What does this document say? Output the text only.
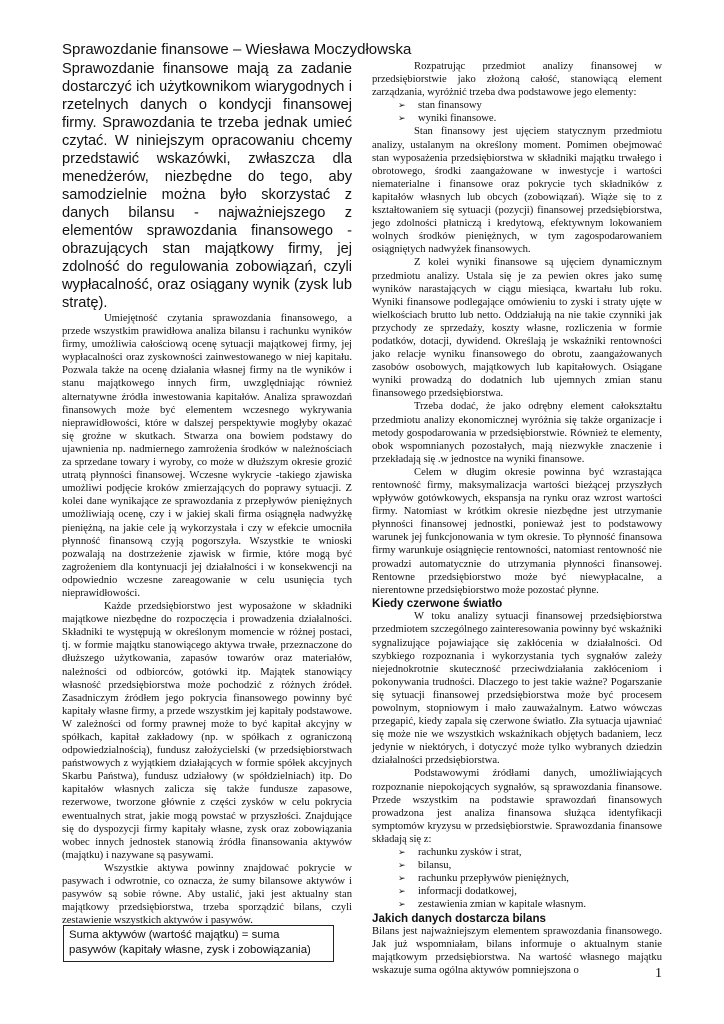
Sprawozdanie finansowe – Wiesława Moczydłowska

Sprawozdanie finansowe mają za zadanie dostarczyć ich użytkownikom wiarygodnych i rzetelnych danych o kondycji finansowej firmy. Sprawozdania te trzeba jednak umieć czytać. W niniejszym opracowaniu chcemy przedstawić wskazówki, zwłaszcza dla menedżerów, niezbędne do tego, aby samodzielnie można było skorzystać z danych bilansu - najważniejszego z elementów sprawozdania finansowego - obrazujących stan majątkowy firmy, jej zdolność do regulowania zobowiązań, czyli wypłacalność, oraz osiągany wynik (zysk lub stratę).

Umiejętność czytania sprawozdania finansowego, a przede wszystkim prawidłowa analiza bilansu i rachunku wyników firmy, umożliwia całościową ocenę sytuacji majątkowej firmy, jej wypłacalności oraz zyskowności zainwestowanego w niej kapitału. Pozwala także na ocenę działania własnej firmy na tle wyników i stanu majątkowego innych firm, uwzględniając również alternatywne źródła inwestowania kapitałów. Analiza sprawozdań finansowych może być elementem wczesnego wykrywania nieprawidłowości, które w dalszej perspektywie mogłyby okazać się groźne w skutkach. Stwarza ona bowiem podstawy do ujawnienia np. nadmiernego zamrożenia środków w należnościach za sprzedane towary i wyroby, co może w dłuższym okresie grozić utratą płynności finansowej. Wczesne wykrycie -takiego zjawiska umożliwi podjęcie kroków zmierzających do poprawy sytuacji. Z kolei dane wynikające ze sprawozdania z przepływów pieniężnych umożliwiają ocenę, czy i w jakiej skali firma osiągnęła nadwyżkę pieniężną, na jakie cele ją wykorzystała i czy w efekcie umocniła płynność finansową czyją pogorszyła. Wszystkie te wnioski pozwalają na dostrzeżenie zjawisk w firmie, które mogą być zagrożeniem dla kontynuacji jej działalności i w konsekwencji na odpowiednio wczesne zareagowanie w celu usunięcia tych nieprawidłowości.

Każde przedsiębiorstwo jest wyposażone w składniki majątkowe niezbędne do rozpoczęcia i prowadzenia działalności. Składniki te występują w określonym momencie w różnej postaci, tj. w formie majątku stanowiącego aktywa trwałe, przeznaczone do dłuższego użytkowania, zapasów towarów oraz materiałów, należności od odbiorców, gotówki itp. Majątek stanowiący własność przedsiębiorstwa może pochodzić z różnych źródeł. Zasadniczym źródłem jego pokrycia finansowego powinny być kapitały własne firmy, a przede wszystkim jej kapitały podstawowe. W zależności od formy prawnej może to być kapitał akcyjny w spółkach, kapitał zakładowy (np. w spółkach z ograniczoną odpowiedzialnością), fundusz założycielski (w przedsiębiorstwach państwowych z wyjątkiem działających w formie spółek akcyjnych Skarbu Państwa), fundusz udziałowy (w spółdzielniach) itp. Do kapitałów własnych zalicza się także fundusze zapasowe, rezerwowe, tworzone głównie z części zysków w celu pokrycia ewentualnych strat, jakie mogą powstać w przyszłości. Znajdujące się do dyspozycji firmy kapitały własne, zysk oraz zobowiązania wobec innych jednostek stanowią źródła finansowania aktywów (majątku) i nazywane są pasywami.

Wszystkie aktywa powinny znajdować pokrycie w pasywach i odwrotnie, co oznacza, że sumy bilansowe aktywów i pasywów są sobie równe. Aby ustalić, jaki jest aktualny stan majątkowy przedsiębiorstwa, trzeba sporządzić bilans, czyli zestawienie wszystkich aktywów i pasywów.

Suma aktywów (wartość majątku) = suma
pasywów (kapitały własne, zysk i zobowiązania)

Rozpatrując przedmiot analizy finansowej w przedsiębiorstwie jako złożoną całość, stanowiącą element zarządzania, wyróżnić trzeba dwa podstawowe jego elementy:

➢ stan finansowy
➢ wyniki finansowe.

Stan finansowy jest ujęciem statycznym przedmiotu analizy, ustalanym na określony moment. Pomimen obejmować stan wyposażenia przedsiębiorstwa w składniki majątku trwałego i obrotowego, środki zaangażowane w inwestycje i wartości niematerialne i finansowe oraz pokrycie tych składników z kapitałów własnych lub obcych (zobowiązań). Wiąże się to z kształtowaniem się sytuacji (pozycji) finansowej przedsiębiorstwa, jego zdolności płatniczą i kredytową, efektywnym lokowaniem wolnych środków pieniężnych, w tym zagospodarowaniem osiągniętych nadwyżek finansowych.

Z kolei wyniki finansowe są ujęciem dynamicznym przedmiotu analizy. Ustala się je za pewien okres jako sumę wyników narastających w ciągu miesiąca, kwartału lub roku. Wyniki finansowe podlegające omówieniu to zyski i straty ujęte w wielkościach brutto lub netto. Oddziałują na nie takie czynniki jak przychody ze sprzedaży, koszty własne, rozliczenia w formie podatków, dotacji, dywidend. Określają je wskaźniki rentowności jako relacje wyniku finansowego do obrotu, zaangażowanych zasobów osobowych, majątkowych lub kapitałowych. Osiągane wyniki prowadzą do dodatnich lub ujemnych zmian stanu finansowego przedsiębiorstwa.

Trzeba dodać, że jako odrębny element całokształtu przedmiotu analizy ekonomicznej wyróżnia się także organizacje i metody gospodarowania w przedsiębiorstwie. Również te elementy, obok wspomnianych pozostałych, mają niezwykłe znaczenie i przekładają się .w jednostce na wyniki finansowe.

Celem w długim okresie powinna być wzrastająca rentowność firmy, maksymalizacja wartości bieżącej przyszłych wpływów gotówkowych, ekspansja na rynku oraz wzrost wartości firmy. Natomiast w krótkim okresie niezbędne jest utrzymanie płynności finansowej jednostki, ponieważ jest to podstawowy warunek jej funkcjonowania w tym okresie. To płynność finansowa firmy warunkuje osiągnięcie rentowności, natomiast rentowność nie prowadzi automatycznie do utrzymania płynności finansowej. Rentowne przedsiębiorstwo może być niewypłacalne, a nierentowne przedsiębiorstwo może pozostać płynne.

Kiedy czerwone światło

W toku analizy sytuacji finansowej przedsiębiorstwa przedmiotem szczególnego zainteresowania powinny być wskaźniki sygnalizujące pojawiające się zakłócenia w działalności. Od szybkiego rozpoznania i wykorzystania tych sygnałów zależy niejednokrotnie skuteczność przeciwdziałania zakłóceniom i pokonywania trudności. Dlaczego to jest takie ważne? Pogarszanie się sytuacji finansowej przedsiębiorstwa może być procesem powolnym, stopniowym i mało zauważalnym. Łatwo wówczas przegapić, kiedy zapala się czerwone światło. Zła sytuacja ujawniać się może nie we wszystkich wskaźnikach objętych badaniem, lecz jedynie w niektórych, i dotyczyć może tylko wybranych dziedzin działalności przedsiębiorstwa.

Podstawowymi źródłami danych, umożliwiających rozpoznanie niepokojących sygnałów, są sprawozdania finansowe. Przede wszystkim na podstawie sprawozdań finansowych prowadzona jest analiza finansowa służąca identyfikacji symptomów kryzysu w przedsiębiorstwie. Sprawozdania finansowe składają się z:

➢ rachunku zysków i strat,
➢ bilansu,
➢ rachunku przepływów pieniężnych,
➢ informacji dodatkowej,
➢ zestawienia zmian w kapitale własnym.
Jakich danych dostarcza bilans

Bilans jest najważniejszym elementem sprawozdania finansowego. Jak już wspomniałam, bilans informuje o aktualnym stanie majątkowym przedsiębiorstwa. Na wartość własnego majątku wskazuje suma ogólna aktywów pomniejszona o	1
